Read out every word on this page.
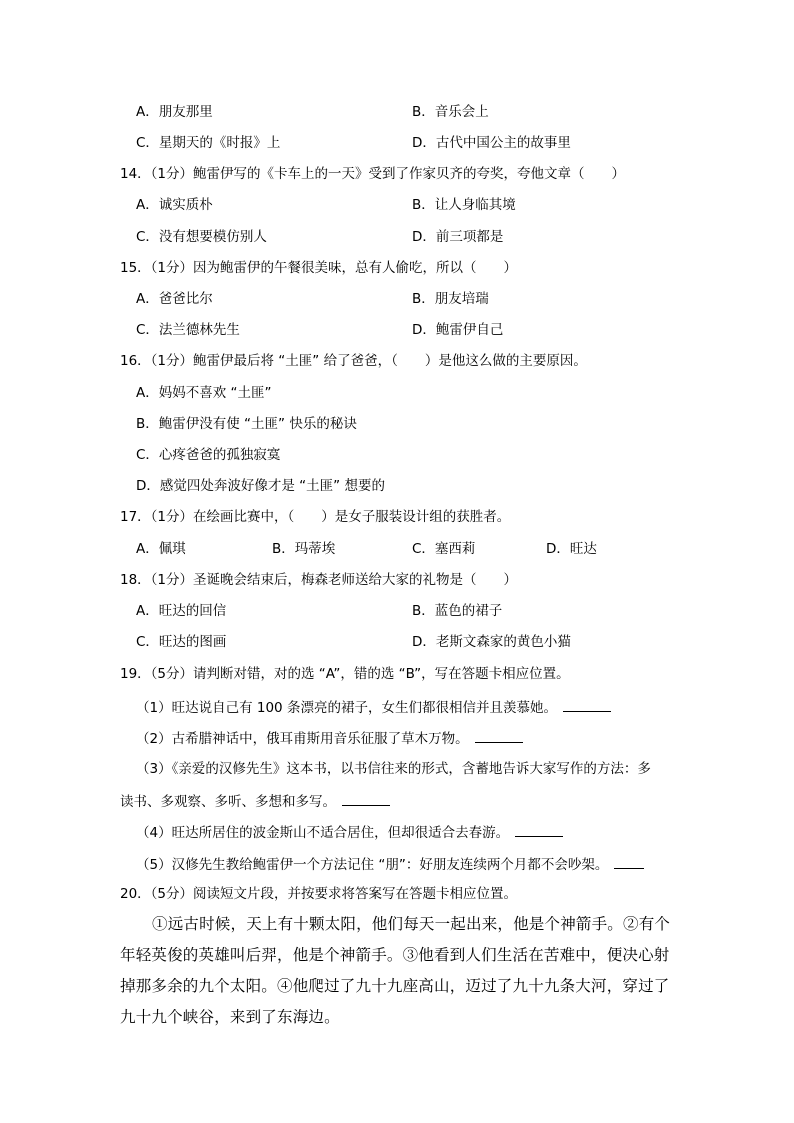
A．朋友那里	B．音乐会上
C．星期天的《时报》上	D．古代中国公主的故事里
14．（1分）鲍雷伊写的《卡车上的一天》受到了作家贝齐的夸奖，夸他文章（　　）
A．诚实质朴	B．让人身临其境
C．没有想要模仿别人	D．前三项都是
15．（1分）因为鲍雷伊的午餐很美味，总有人偷吃，所以（　　）
A．爸爸比尔	B．朋友培瑞
C．法兰德林先生	D．鲍雷伊自己
16．（1分）鲍雷伊最后将 “土匪” 给了爸爸，（　　）是他这么做的主要原因。
A．妈妈不喜欢 “土匪”
B．鲍雷伊没有使 “土匪” 快乐的秘诀
C．心疼爸爸的孤独寂寞
D．感觉四处奔波好像才是 “土匪” 想要的
17．（1分）在绘画比赛中，（　　）是女子服装设计组的获胜者。
A．佩琪	B．玛蒂埃	C．塞西莉	D．旺达
18．（1分）圣诞晚会结束后，梅森老师送给大家的礼物是（　　）
A．旺达的回信	B．蓝色的裙子
C．旺达的图画	D．老斯文森家的黄色小猫
19．（5分）请判断对错，对的选 “A”，错的选 “B”，写在答题卡相应位置。
（1）旺达说自己有 100 条漂亮的裙子，女生们都很相信并且羡慕她。
（2）古希腊神话中，俄耳甫斯用音乐征服了草木万物。
（3）《亲爱的汉修先生》这本书，以书信往来的形式，含蓄地告诉大家写作的方法：多
读书、多观察、多听、多想和多写。
（4）旺达所居住的波金斯山不适合居住，但却很适合去春游。
（5）汉修先生教给鲍雷伊一个方法记住 “朋”：好朋友连续两个月都不会吵架。
20．（5分）阅读短文片段，并按要求将答案写在答题卡相应位置。

①远古时候，天上有十颗太阳，他们每天一起出来，他是个神箭手。②有个年轻英俊的英雄叫后羿，他是个神箭手。③他看到人们生活在苦难中，便决心射掉那多余的九个太阳。④他爬过了九十九座高山，迈过了九十九条大河，穿过了九十九个峡谷，来到了东海边。
